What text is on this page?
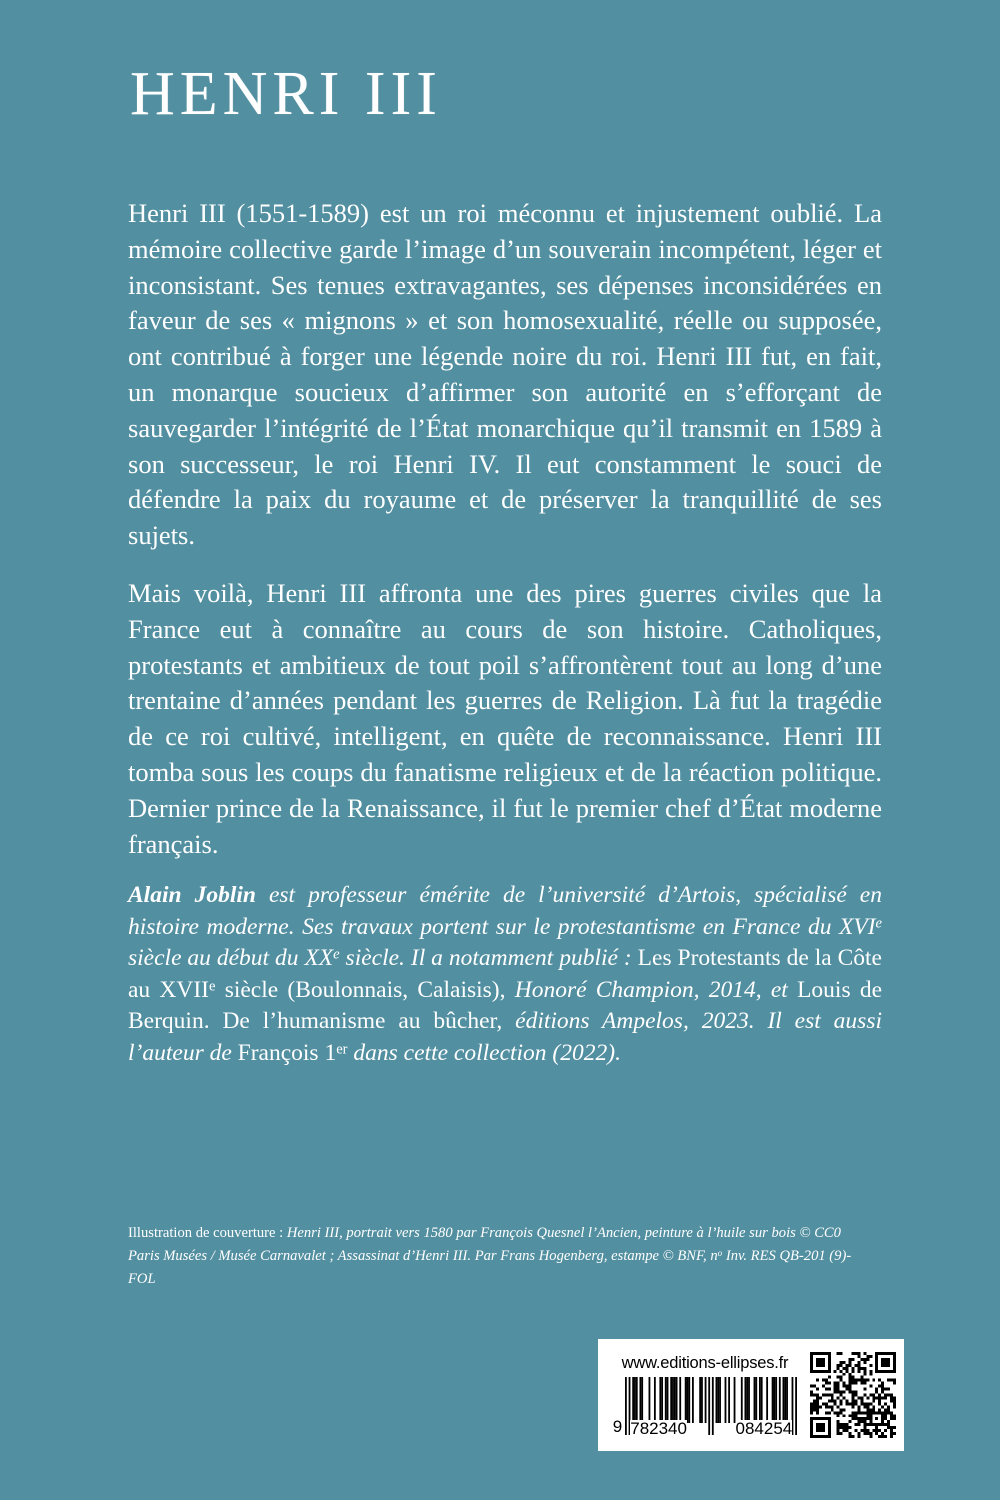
HENRI III

Henri III (1551-1589) est un roi méconnu et injustement oublié. La mémoire collective garde l’image d’un souverain incompétent, léger et inconsistant. Ses tenues extravagantes, ses dépenses inconsidérées en faveur de ses « mignons » et son homosexualité, réelle ou supposée, ont contribué à forger une légende noire du roi. Henri III fut, en fait, un monarque soucieux d’affirmer son autorité en s’efforçant de sauvegarder l’intégrité de l’État monarchique qu’il transmit en 1589 à son successeur, le roi Henri IV. Il eut constamment le souci de défendre la paix du royaume et de préserver la tranquillité de ses sujets.

Mais voilà, Henri III affronta une des pires guerres civiles que la France eut à connaître au cours de son histoire. Catholiques, protestants et ambitieux de tout poil s’affrontèrent tout au long d’une trentaine d’années pendant les guerres de Religion. Là fut la tragédie de ce roi cultivé, intelligent, en quête de reconnaissance. Henri III tomba sous les coups du fanatisme religieux et de la réaction politique. Dernier prince de la Renaissance, il fut le premier chef d’État moderne français.

Alain Joblin est professeur émérite de l’université d’Artois, spécialisé en histoire moderne. Ses travaux portent sur le protestantisme en France du XVIe siècle au début du XXe siècle. Il a notamment publié : Les Protestants de la Côte au XVIIe siècle (Boulonnais, Calaisis), Honoré Champion, 2014, et Louis de Berquin. De l’humanisme au bûcher, éditions Ampelos, 2023. Il est aussi l’auteur de François 1er dans cette collection (2022).
Illustration de couverture : Henri III, portrait vers 1580 par François Quesnel l’Ancien, peinture à l’huile sur bois © CC0 Paris Musées / Musée Carnavalet ; Assassinat d’Henri III. Par Frans Hogenberg, estampe © BNF, $n^o$ Inv. RES QB-201 (9)-FOL
www.editions-ellipses.fr
9 782340	084254
